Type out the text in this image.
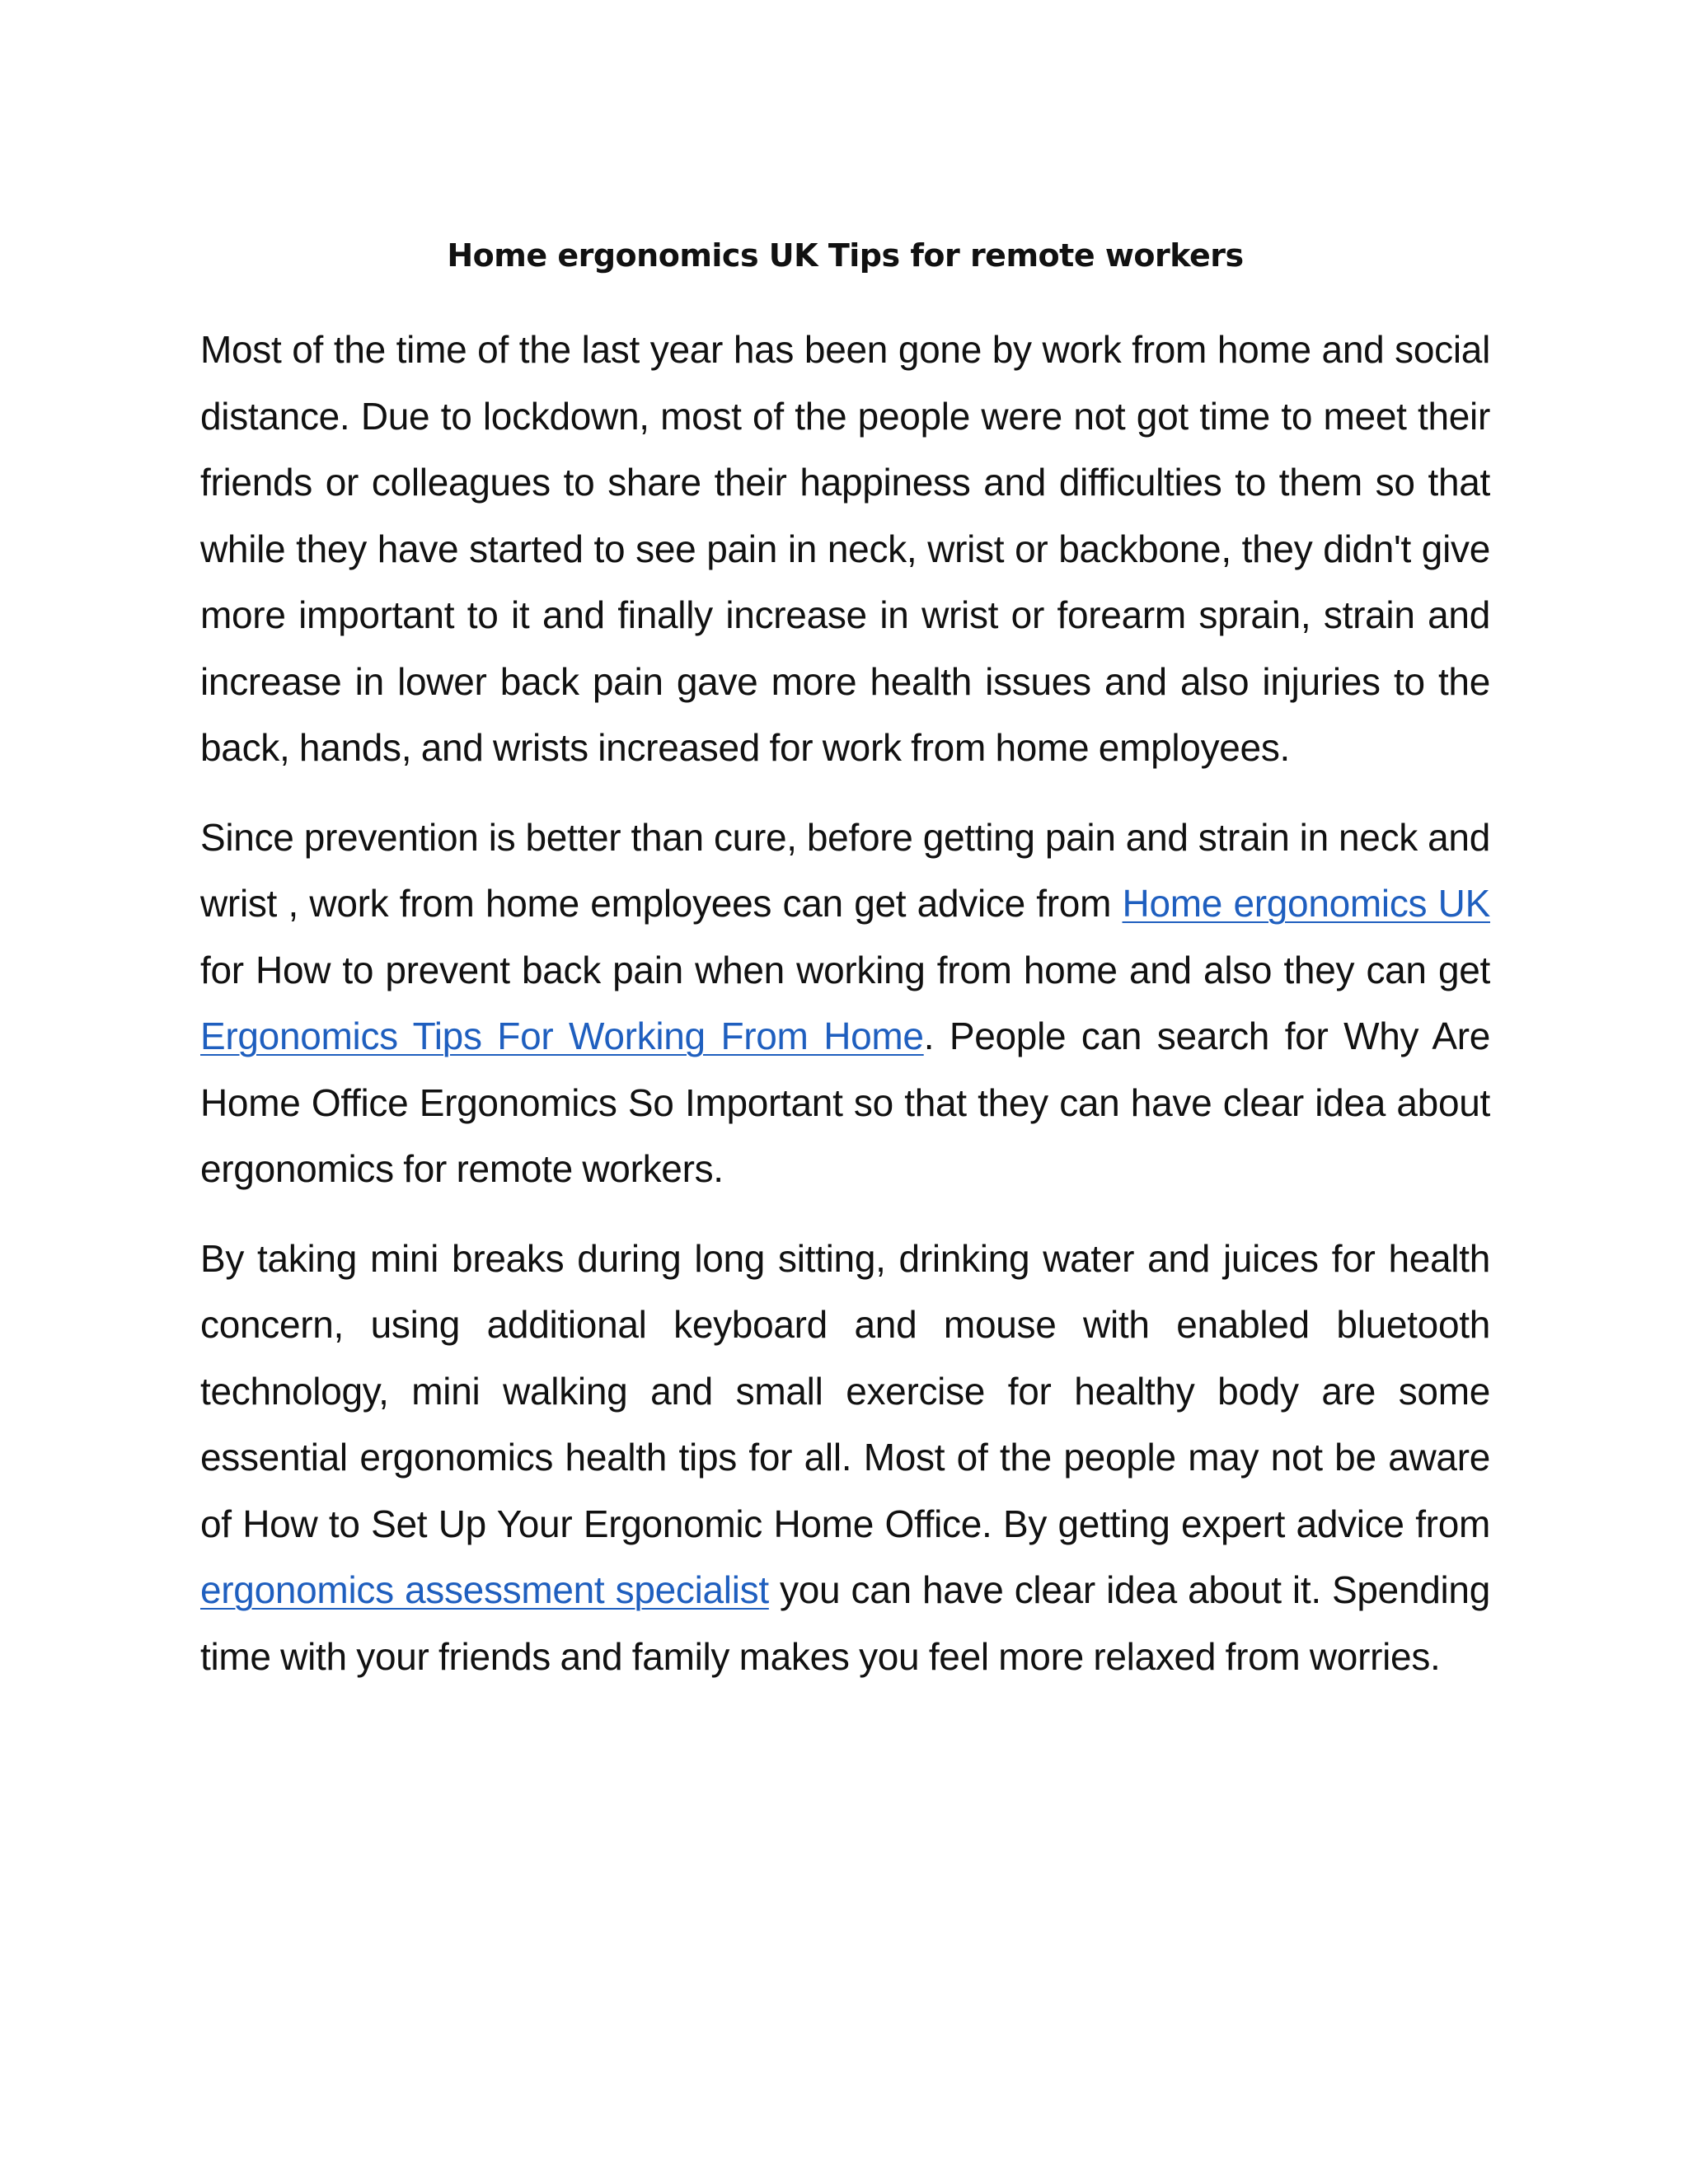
Home ergonomics UK Tips for remote workers

Most of the time of the last year has been gone by work from home and social distance. Due to lockdown, most of the people were not got time to meet their friends or colleagues to share their happiness and difficulties to them so that while they have started to see pain in neck, wrist or backbone, they didn't give more important to it and finally increase in wrist or forearm sprain, strain and increase in lower back pain gave more health issues and also injuries to the back, hands, and wrists increased for work from home employees.

Since prevention is better than cure, before getting pain and strain in neck and wrist , work from home employees can get advice from Home ergonomics UK for How to prevent back pain when working from home and also they can get Ergonomics Tips For Working From Home. People can search for Why Are Home Office Ergonomics So Important so that they can have clear idea about ergonomics for remote workers.

By taking mini breaks during long sitting, drinking water and juices for health concern, using additional keyboard and mouse with enabled bluetooth technology, mini walking and small exercise for healthy body are some essential ergonomics health tips for all. Most of the people may not be aware of How to Set Up Your Ergonomic Home Office. By getting expert advice from ergonomics assessment specialist you can have clear idea about it. Spending time with your friends and family makes you feel more relaxed from worries.
